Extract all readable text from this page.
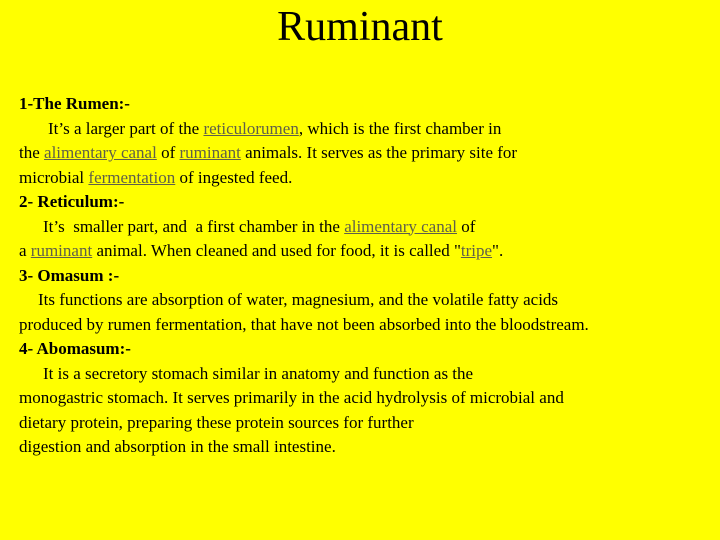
Ruminant
1-The Rumen:-
It’s a larger part of the reticulorumen, which is the first chamber in
the alimentary canal of ruminant animals. It serves as the primary site for
microbial fermentation of ingested feed.
2- Reticulum:-
It’s  smaller part, and  a first chamber in the alimentary canal of
a ruminant animal. When cleaned and used for food, it is called "tripe".
3- Omasum :-
Its functions are absorption of water, magnesium, and the volatile fatty acids
produced by rumen fermentation, that have not been absorbed into the bloodstream.
4- Abomasum:-
It is a secretory stomach similar in anatomy and function as the
monogastric stomach. It serves primarily in the acid hydrolysis of microbial and
dietary protein, preparing these protein sources for further
digestion and absorption in the small intestine.
